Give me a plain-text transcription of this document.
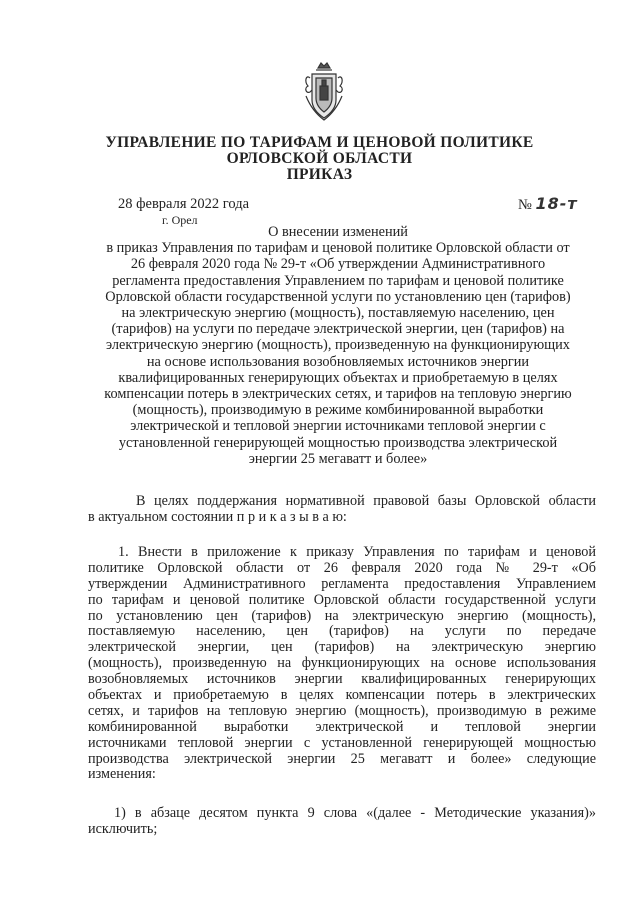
УПРАВЛЕНИЕ ПО ТАРИФАМ И ЦЕНОВОЙ ПОЛИТИКЕ
ОРЛОВСКОЙ ОБЛАСТИ
ПРИКАЗ
28 февраля 2022 года
г. Орел
№ 18-т
О внесении изменений
в приказ Управления по тарифам и ценовой политике Орловской области от
26 февраля 2020 года № 29-т «Об утверждении Административного
регламента предоставления Управлением по тарифам и ценовой политике
Орловской области государственной услуги по установлению цен (тарифов)
на электрическую энергию (мощность), поставляемую населению, цен
(тарифов) на услуги по передаче электрической энергии, цен (тарифов) на
электрическую энергию (мощность), произведенную на функционирующих
на основе использования возобновляемых источников энергии
квалифицированных генерирующих объектах и приобретаемую в целях
компенсации потерь в электрических сетях, и тарифов на тепловую энергию
(мощность), производимую в режиме комбинированной выработки
электрической и тепловой энергии источниками тепловой энергии с
установленной генерирующей мощностью производства электрической
энергии 25 мегаватт и более»
В целях поддержания нормативной правовой базы Орловской области
в актуальном состоянии п р и к а з ы в а ю:
1. Внести в приложение к приказу Управления по тарифам и ценовой
политике Орловской области от 26 февраля 2020 года № 29-т «Об
утверждении Административного регламента предоставления Управлением
по тарифам и ценовой политике Орловской области государственной услуги
по установлению цен (тарифов) на электрическую энергию (мощность),
поставляемую населению, цен (тарифов) на услуги по передаче
электрической энергии, цен (тарифов) на электрическую энергию
(мощность), произведенную на функционирующих на основе использования
возобновляемых источников энергии квалифицированных генерирующих
объектах и приобретаемую в целях компенсации потерь в электрических
сетях, и тарифов на тепловую энергию (мощность), производимую в режиме
комбинированной выработки электрической и тепловой энергии
источниками тепловой энергии с установленной генерирующей мощностью
производства электрической энергии 25 мегаватт и более» следующие
изменения:
1) в абзаце десятом пункта 9 слова «(далее - Методические указания)»
исключить;
